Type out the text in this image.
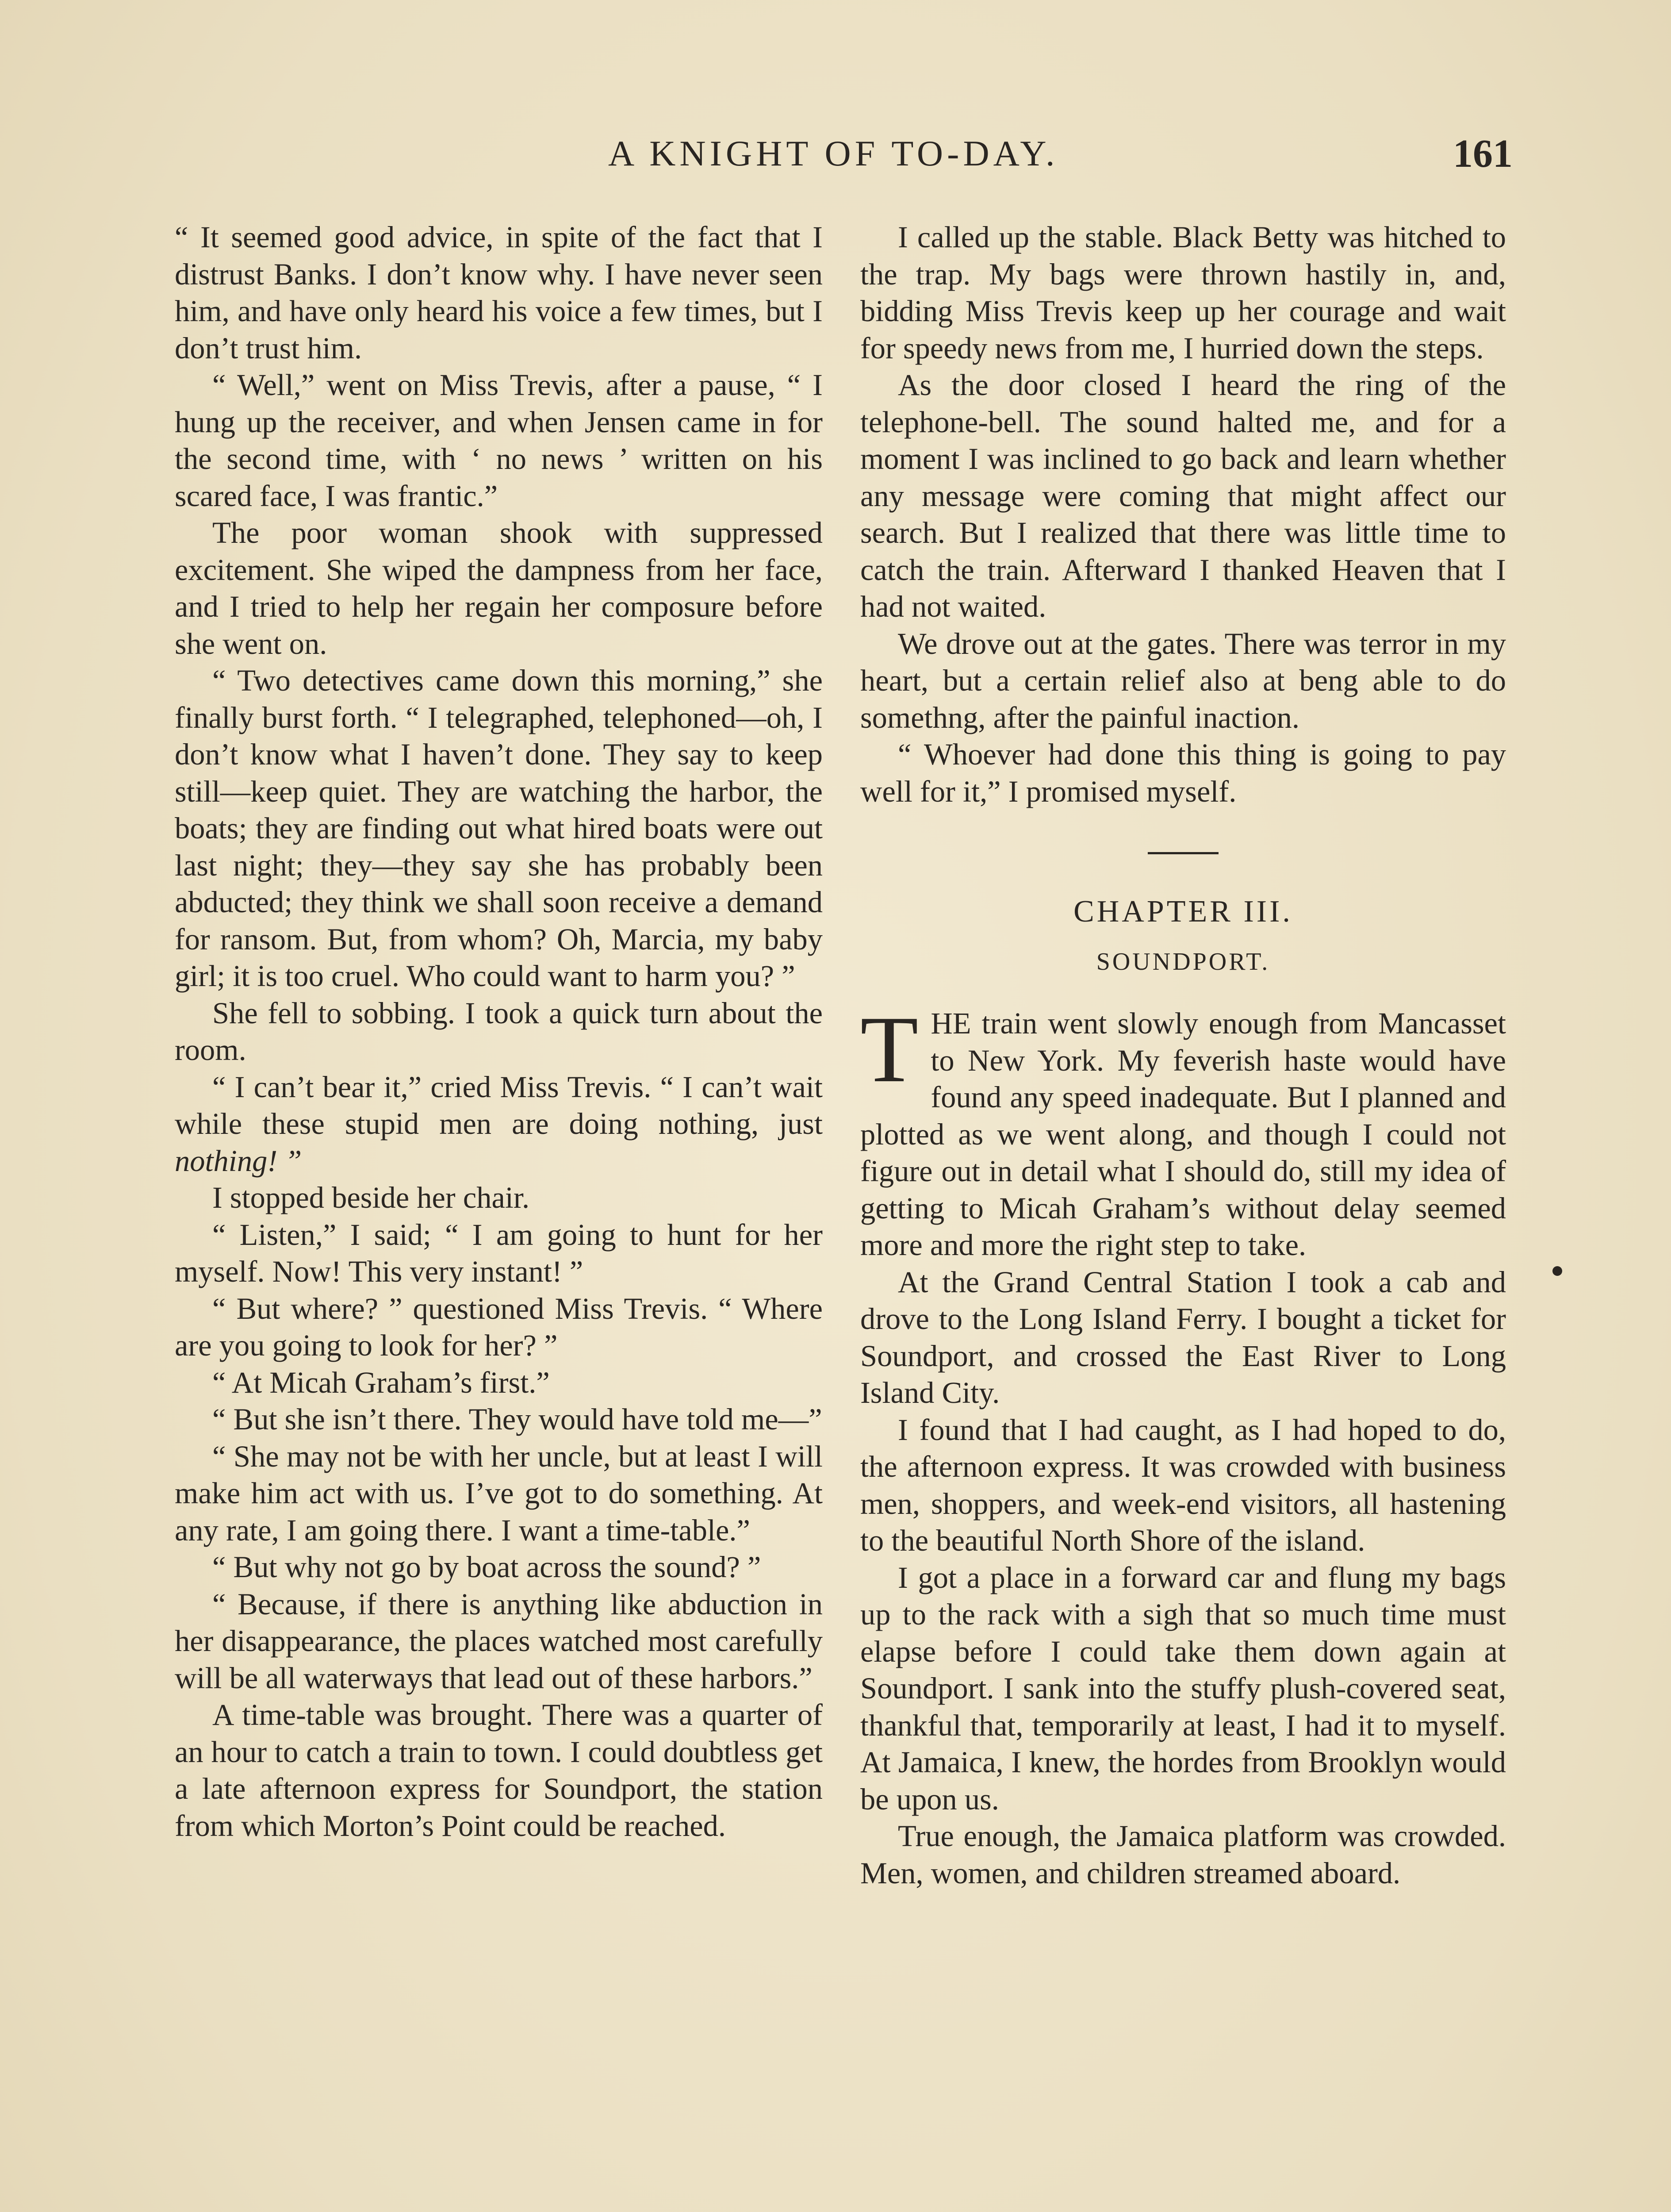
A KNIGHT OF TO-DAY.	161

“ It seemed good advice, in spite of the fact that I distrust Banks. I don’t know why. I have never seen him, and have only heard his voice a few times, but I don’t trust him.

“ Well,” went on Miss Trevis, after a pause, “ I hung up the receiver, and when Jensen came in for the second time, with ‘ no news ’ written on his scared face, I was frantic.”

The poor woman shook with suppressed excitement. She wiped the dampness from her face, and I tried to help her regain her composure before she went on.

“ Two detectives came down this morning,” she finally burst forth. “ I telegraphed, telephoned—oh, I don’t know what I haven’t done. They say to keep still—keep quiet. They are watching the harbor, the boats; they are finding out what hired boats were out last night; they—they say she has probably been abducted; they think we shall soon receive a demand for ransom. But, from whom? Oh, Marcia, my baby girl; it is too cruel. Who could want to harm you? ”

She fell to sobbing. I took a quick turn about the room.

“ I can’t bear it,” cried Miss Trevis. “ I can’t wait while these stupid men are doing nothing, just nothing! ”

I stopped beside her chair.

“ Listen,” I said; “ I am going to hunt for her myself. Now! This very instant! ”

“ But where? ” questioned Miss Trevis. “ Where are you going to look for her? ”

“ At Micah Graham’s first.”

“ But she isn’t there. They would have told me—”

“ She may not be with her uncle, but at least I will make him act with us. I’ve got to do something. At any rate, I am going there. I want a time-table.”

“ But why not go by boat across the sound? ”

“ Because, if there is anything like abduction in her disappearance, the places watched most carefully will be all waterways that lead out of these harbors.”

A time-table was brought. There was a quarter of an hour to catch a train to town. I could doubtless get a late afternoon express for Soundport, the station from which Morton’s Point could be reached.

I called up the stable. Black Betty was hitched to the trap. My bags were thrown hastily in, and, bidding Miss Trevis keep up her courage and wait for speedy news from me, I hurried down the steps.

As the door closed I heard the ring of the telephone-bell. The sound halted me, and for a moment I was inclined to go back and learn whether any message were coming that might affect our search. But I realized that there was little time to catch the train. Afterward I thanked Heaven that I had not waited.

We drove out at the gates. There was terror in my heart, but a certain relief also at beng able to do somethng, after the painful inaction.

“ Whoever had done this thing is going to pay well for it,” I promised myself.

CHAPTER III.
SOUNDPORT.

THE train went slowly enough from Mancasset to New York. My feverish haste would have found any speed inadequate. But I planned and plotted as we went along, and though I could not figure out in detail what I should do, still my idea of getting to Micah Graham’s without delay seemed more and more the right step to take.

At the Grand Central Station I took a cab and drove to the Long Island Ferry. I bought a ticket for Soundport, and crossed the East River to Long Island City.

I found that I had caught, as I had hoped to do, the afternoon express. It was crowded with business men, shoppers, and week-end visitors, all hastening to the beautiful North Shore of the island.

I got a place in a forward car and flung my bags up to the rack with a sigh that so much time must elapse before I could take them down again at Soundport. I sank into the stuffy plush-covered seat, thankful that, temporarily at least, I had it to myself. At Jamaica, I knew, the hordes from Brooklyn would be upon us.

True enough, the Jamaica platform was crowded. Men, women, and children streamed aboard.
